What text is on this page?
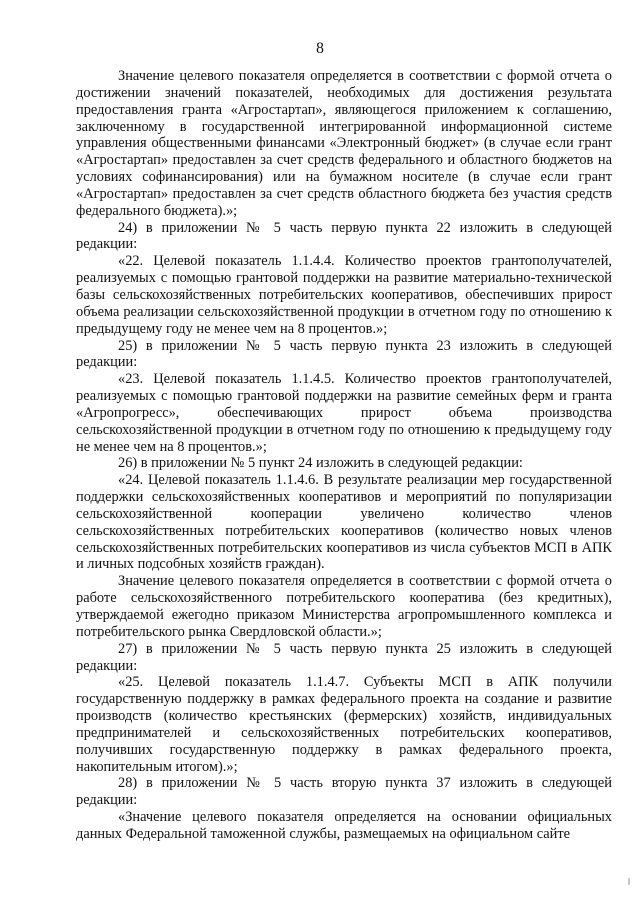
8

Значение целевого показателя определяется в соответствии с формой отчета о достижении значений показателей, необходимых для достижения результата предоставления гранта «Агростартап», являющегося приложением к соглашению, заключенному в государственной интегрированной информационной системе управления общественными финансами «Электронный бюджет» (в случае если грант «Агростартап» предоставлен за счет средств федерального и областного бюджетов на условиях софинансирования) или на бумажном носителе (в случае если грант «Агростартап» предоставлен за счет средств областного бюджета без участия средств федерального бюджета).»;

24) в приложении № 5 часть первую пункта 22 изложить в следующей редакции:

«22. Целевой показатель 1.1.4.4. Количество проектов грантополучателей, реализуемых с помощью грантовой поддержки на развитие материально-технической базы сельскохозяйственных потребительских кооперативов, обеспечивших прирост объема реализации сельскохозяйственной продукции в отчетном году по отношению к предыдущему году не менее чем на 8 процентов.»;

25) в приложении № 5 часть первую пункта 23 изложить в следующей редакции:

«23. Целевой показатель 1.1.4.5. Количество проектов грантополучателей, реализуемых с помощью грантовой поддержки на развитие семейных ферм и гранта «Агропрогресс», обеспечивающих прирост объема производства сельскохозяйственной продукции в отчетном году по отношению к предыдущему году не менее чем на 8 процентов.»;

26) в приложении № 5 пункт 24 изложить в следующей редакции:

«24. Целевой показатель 1.1.4.6. В результате реализации мер государственной поддержки сельскохозяйственных кооперативов и мероприятий по популяризации сельскохозяйственной кооперации увеличено количество членов сельскохозяйственных потребительских кооперативов (количество новых членов сельскохозяйственных потребительских кооперативов из числа субъектов МСП в АПК и личных подсобных хозяйств граждан).

Значение целевого показателя определяется в соответствии с формой отчета о работе сельскохозяйственного потребительского кооператива (без кредитных), утверждаемой ежегодно приказом Министерства агропромышленного комплекса и потребительского рынка Свердловской области.»;

27) в приложении № 5 часть первую пункта 25 изложить в следующей редакции:

«25. Целевой показатель 1.1.4.7. Субъекты МСП в АПК получили государственную поддержку в рамках федерального проекта на создание и развитие производств (количество крестьянских (фермерских) хозяйств, индивидуальных предпринимателей и сельскохозяйственных потребительских кооперативов, получивших государственную поддержку в рамках федерального проекта, накопительным итогом).»;

28) в приложении № 5 часть вторую пункта 37 изложить в следующей редакции:

«Значение целевого показателя определяется на основании официальных данных Федеральной таможенной службы, размещаемых на официальном сайте
